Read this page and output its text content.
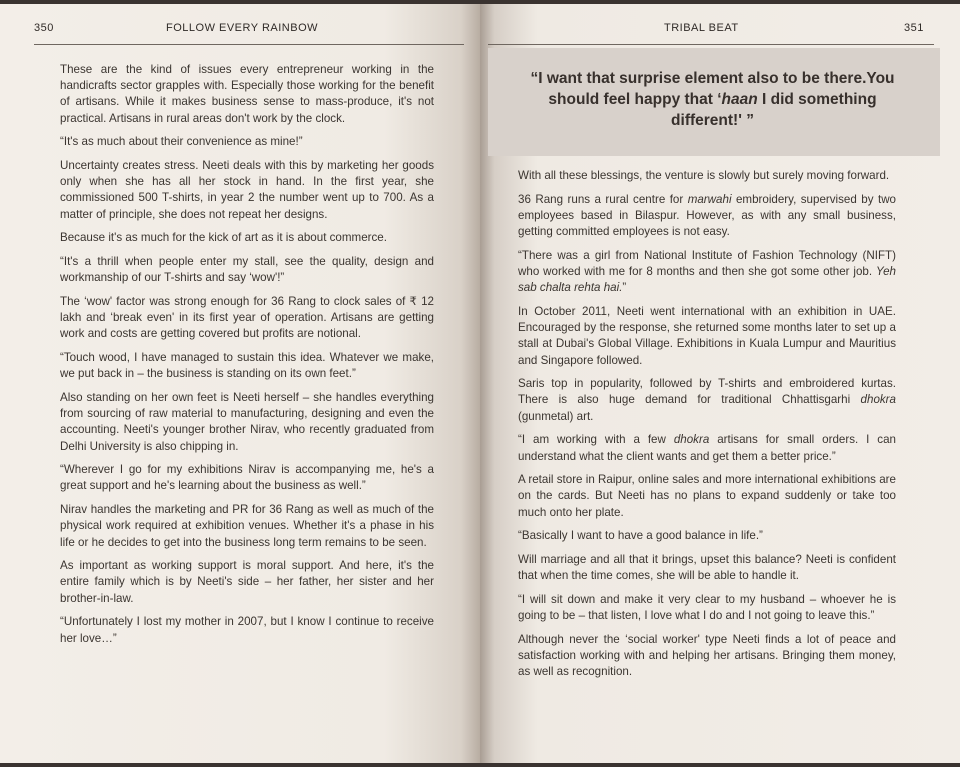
350	FOLLOW EVERY RAINBOW

These are the kind of issues every entrepreneur working in the handicrafts sector grapples with. Especially those working for the benefit of artisans. While it makes business sense to mass-produce, it's not practical. Artisans in rural areas don't work by the clock.

“It's as much about their convenience as mine!”

Uncertainty creates stress. Neeti deals with this by marketing her goods only when she has all her stock in hand. In the first year, she commissioned 500 T-shirts, in year 2 the number went up to 700. As a matter of principle, she does not repeat her designs.

Because it's as much for the kick of art as it is about commerce.

“It's a thrill when people enter my stall, see the quality, design and workmanship of our T-shirts and say ‘wow'!”

The ‘wow' factor was strong enough for 36 Rang to clock sales of ₹ 12 lakh and ‘break even' in its first year of operation. Artisans are getting work and costs are getting covered but profits are notional.

“Touch wood, I have managed to sustain this idea. Whatever we make, we put back in – the business is standing on its own feet.”

Also standing on her own feet is Neeti herself – she handles everything from sourcing of raw material to manufacturing, designing and even the accounting. Neeti's younger brother Nirav, who recently graduated from Delhi University is also chipping in.

“Wherever I go for my exhibitions Nirav is accompanying me, he's a great support and he's learning about the business as well.”

Nirav handles the marketing and PR for 36 Rang as well as much of the physical work required at exhibition venues. Whether it's a phase in his life or he decides to get into the business long term remains to be seen.

As important as working support is moral support. And here, it's the entire family which is by Neeti's side – her father, her sister and her brother-in-law.

“Unfortunately I lost my mother in 2007, but I know I continue to receive her love…”

TRIBAL BEAT	351
“I want that surprise element also to be there.You should feel happy that ‘haan I did something different!' ”

With all these blessings, the venture is slowly but surely moving forward.

36 Rang runs a rural centre for marwahi embroidery, supervised by two employees based in Bilaspur. However, as with any small business, getting committed employees is not easy.

“There was a girl from National Institute of Fashion Technology (NIFT) who worked with me for 8 months and then she got some other job. Yeh sab chalta rehta hai.”

In October 2011, Neeti went international with an exhibition in UAE. Encouraged by the response, she returned some months later to set up a stall at Dubai's Global Village. Exhibitions in Kuala Lumpur and Mauritius and Singapore followed.

Saris top in popularity, followed by T-shirts and embroidered kurtas. There is also huge demand for traditional Chhattisgarhi dhokra (gunmetal) art.

“I am working with a few dhokra artisans for small orders. I can understand what the client wants and get them a better price.”

A retail store in Raipur, online sales and more international exhibitions are on the cards. But Neeti has no plans to expand suddenly or take too much onto her plate.

“Basically I want to have a good balance in life.”

Will marriage and all that it brings, upset this balance? Neeti is confident that when the time comes, she will be able to handle it.

“I will sit down and make it very clear to my husband – whoever he is going to be – that listen, I love what I do and I not going to leave this.”

Although never the ‘social worker' type Neeti finds a lot of peace and satisfaction working with and helping her artisans. Bringing them money, as well as recognition.
